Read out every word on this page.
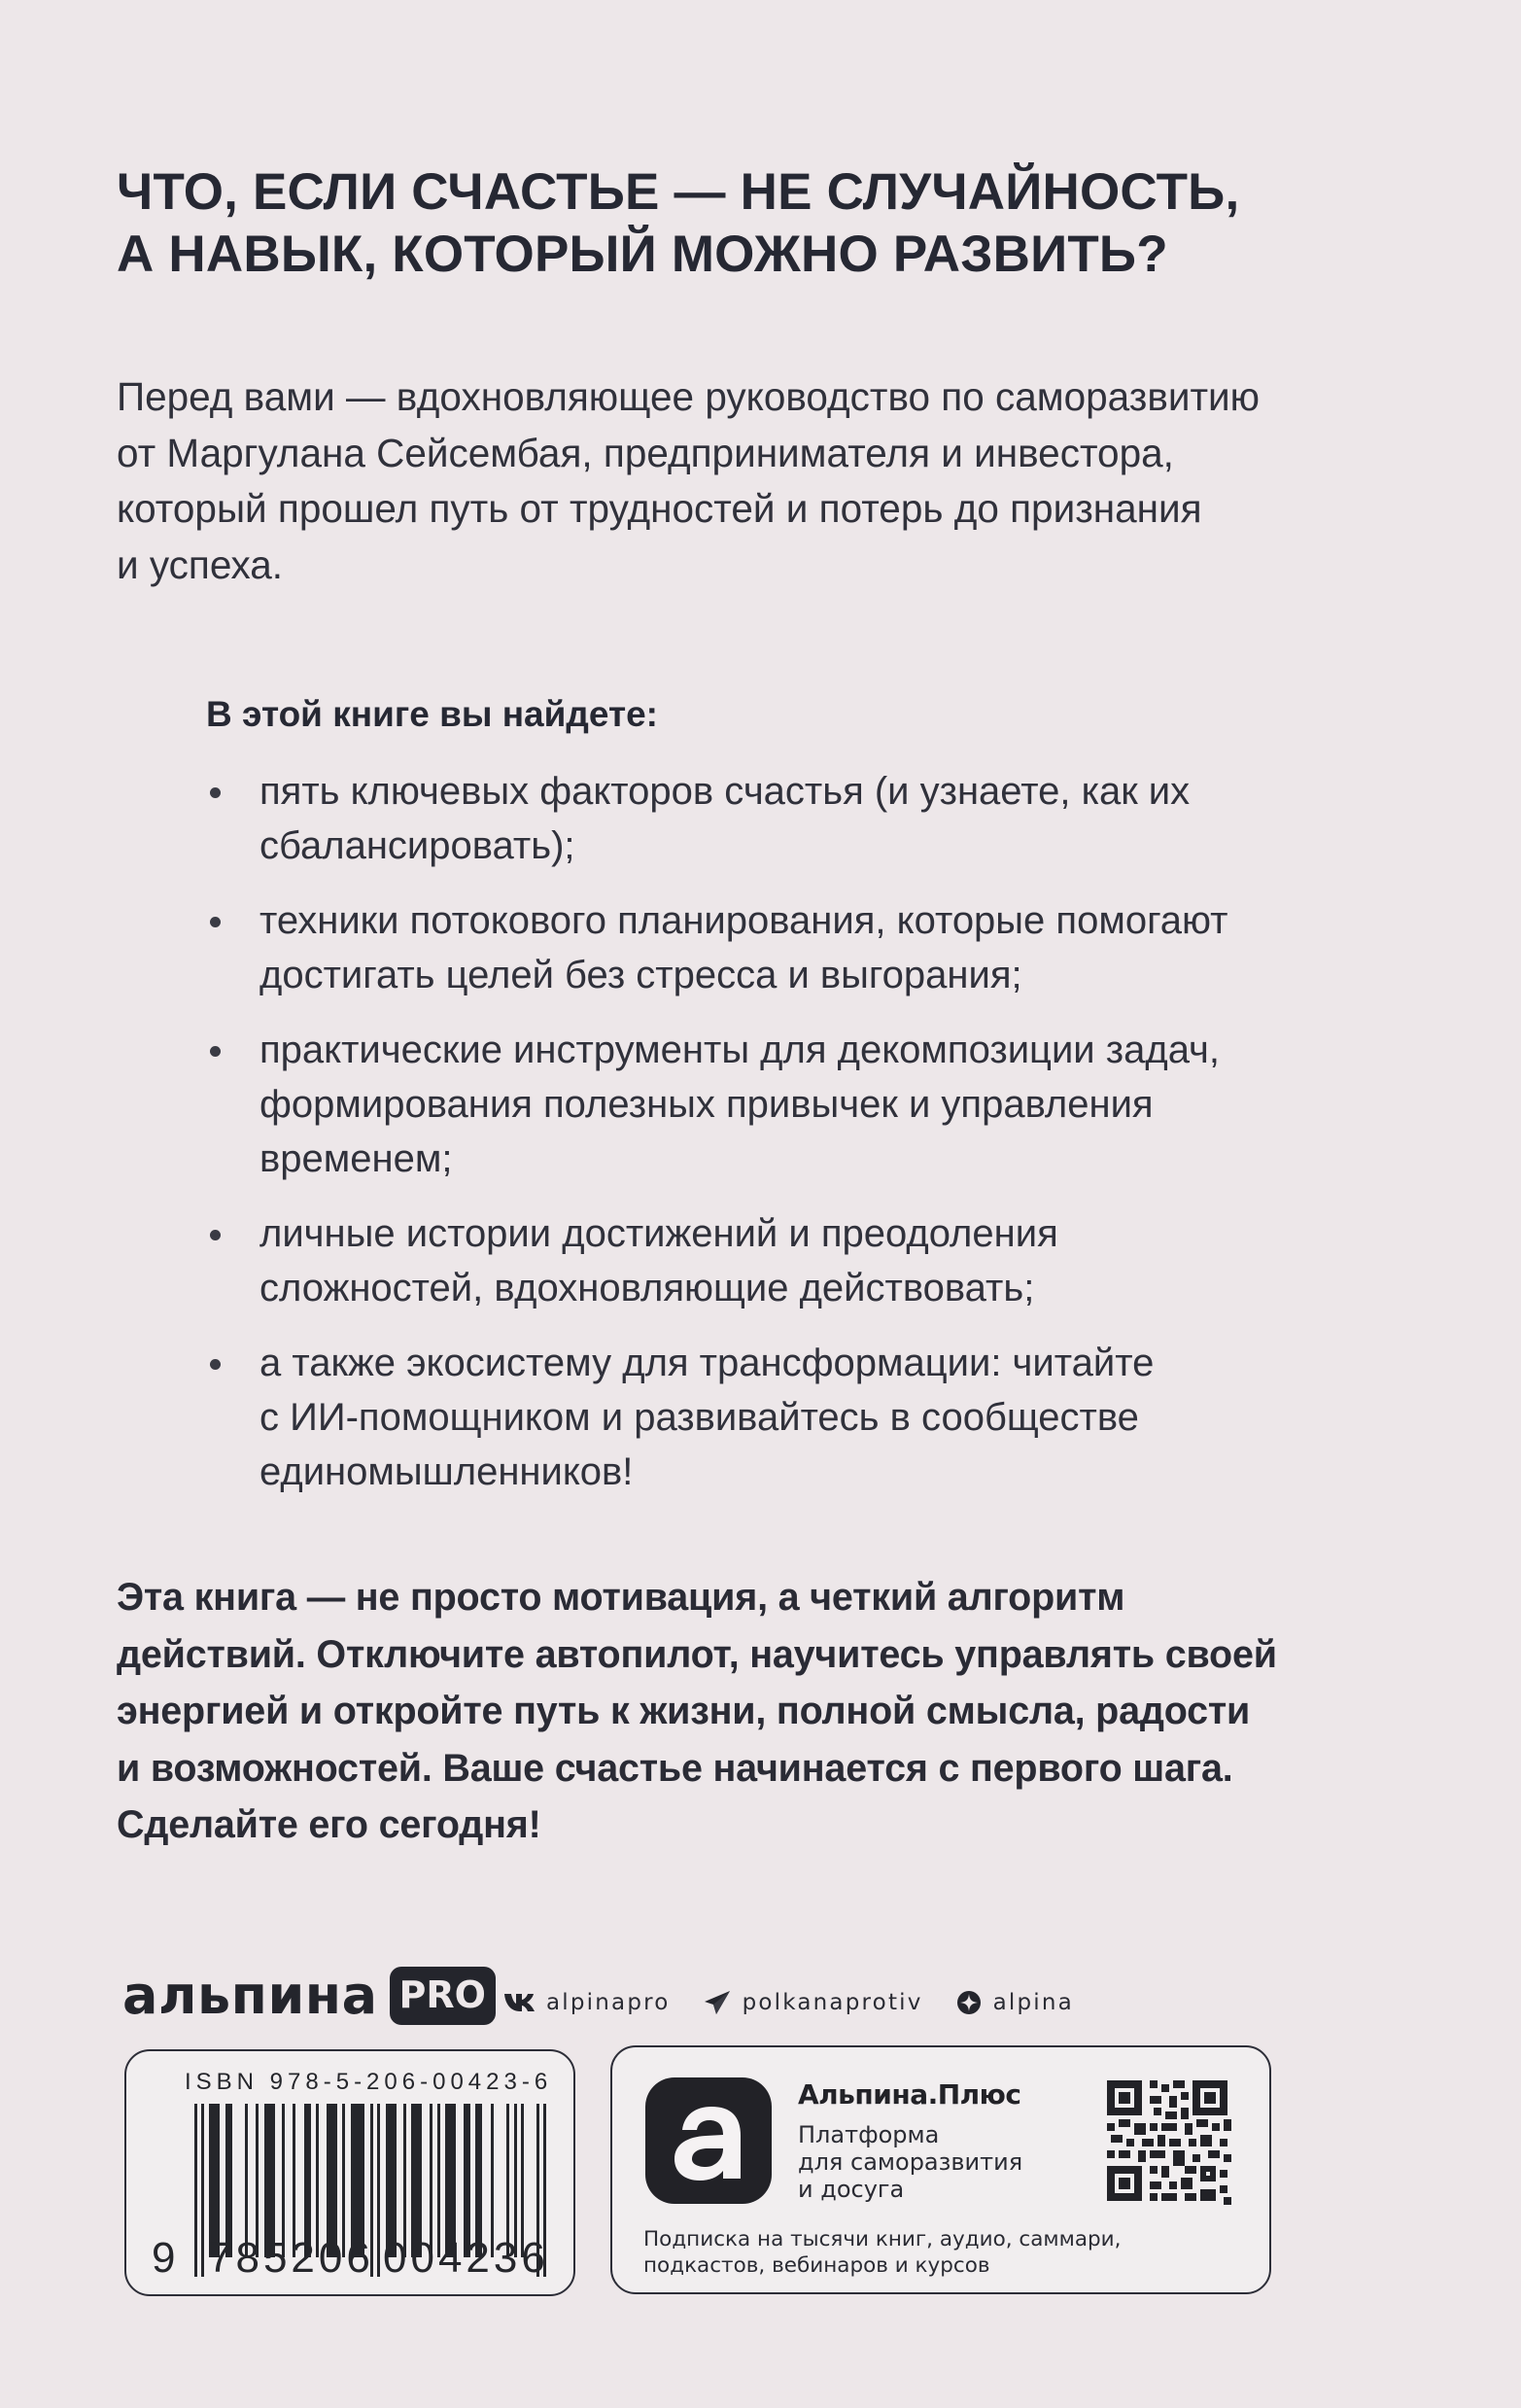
ЧТО, ЕСЛИ СЧАСТЬЕ — НЕ СЛУЧАЙНОСТЬ,
А НАВЫК, КОТОРЫЙ МОЖНО РАЗВИТЬ?
Перед вами — вдохновляющее руководство по саморазвитию
от Маргулана Сейсембая, предпринимателя и инвестора,
который прошел путь от трудностей и потерь до признания
и успеха.
В этой книге вы найдете:
пять ключевых факторов счастья (и узнаете, как их
сбалансировать);
техники потокового планирования, которые помогают
достигать целей без стресса и выгорания;
практические инструменты для декомпозиции задач,
формирования полезных привычек и управления
временем;
личные истории достижений и преодоления
сложностей, вдохновляющие действовать;
а также экосистему для трансформации: читайте
с ИИ-помощником и развивайтесь в сообществе
единомышленников!
Эта книга — не просто мотивация, а четкий алгоритм
действий. Отключите автопилот, научитесь управлять своей
энергией и откройте путь к жизни, полной смысла, радости
и возможностей. Ваше счастье начинается с первого шага.
Сделайте его сегодня!
альпина PRO	alpinapro	polkanaprotiv	alpina
ISBN 978-5-206-00423-6
9 785206 004236
Альпина.Плюс
Платформа
для саморазвития
и досуга
Подписка на тысячи книг, аудио, саммари,
подкастов, вебинаров и курсов
